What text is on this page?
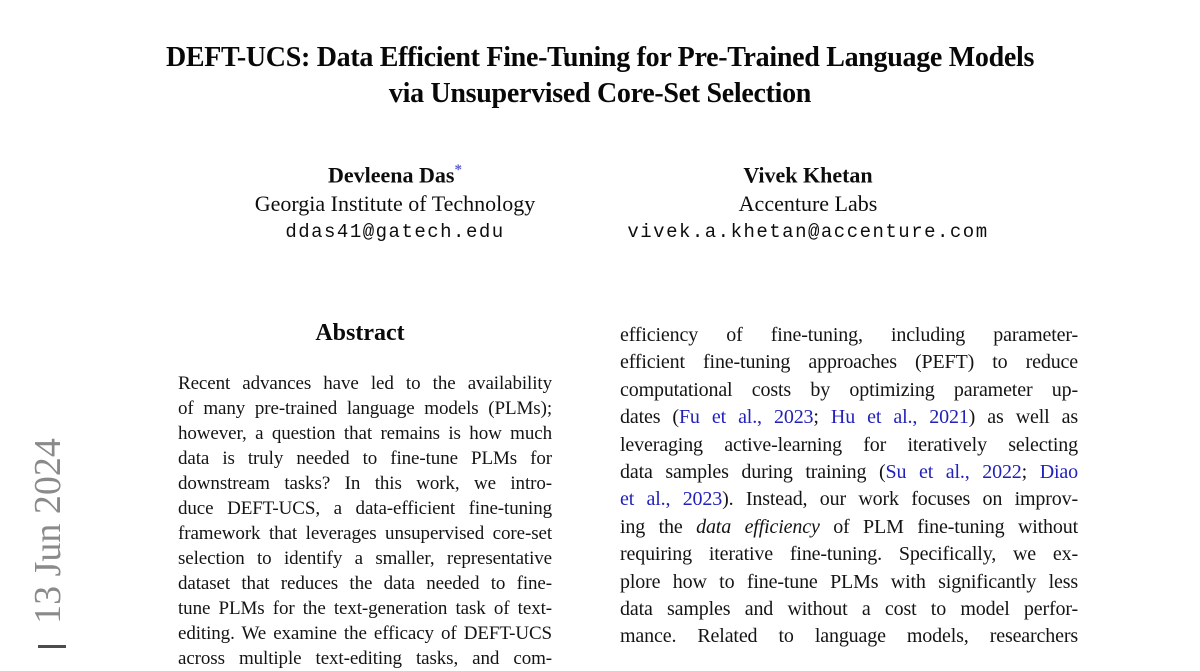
13 Jun 2024
DEFT-UCS: Data Efficient Fine-Tuning for Pre-Trained Language Models
via Unsupervised Core-Set Selection
Devleena Das*
Georgia Institute of Technology
ddas41@gatech.edu
Vivek Khetan
Accenture Labs
vivek.a.khetan@accenture.com
Abstract
Recent advances have led to the availability
of many pre-trained language models (PLMs);
however, a question that remains is how much
data is truly needed to fine-tune PLMs for
downstream tasks? In this work, we intro-
duce DEFT-UCS, a data-efficient fine-tuning
framework that leverages unsupervised core-set
selection to identify a smaller, representative
dataset that reduces the data needed to fine-
tune PLMs for the text-generation task of text-
editing. We examine the efficacy of DEFT-UCS
across multiple text-editing tasks, and com-
efficiency of fine-tuning, including parameter-
efficient fine-tuning approaches (PEFT) to reduce
computational costs by optimizing parameter up-
dates (Fu et al., 2023; Hu et al., 2021) as well as
leveraging active-learning for iteratively selecting
data samples during training (Su et al., 2022; Diao
et al., 2023). Instead, our work focuses on improv-
ing the data efficiency of PLM fine-tuning without
requiring iterative fine-tuning. Specifically, we ex-
plore how to fine-tune PLMs with significantly less
data samples and without a cost to model perfor-
mance. Related to language models, researchers
